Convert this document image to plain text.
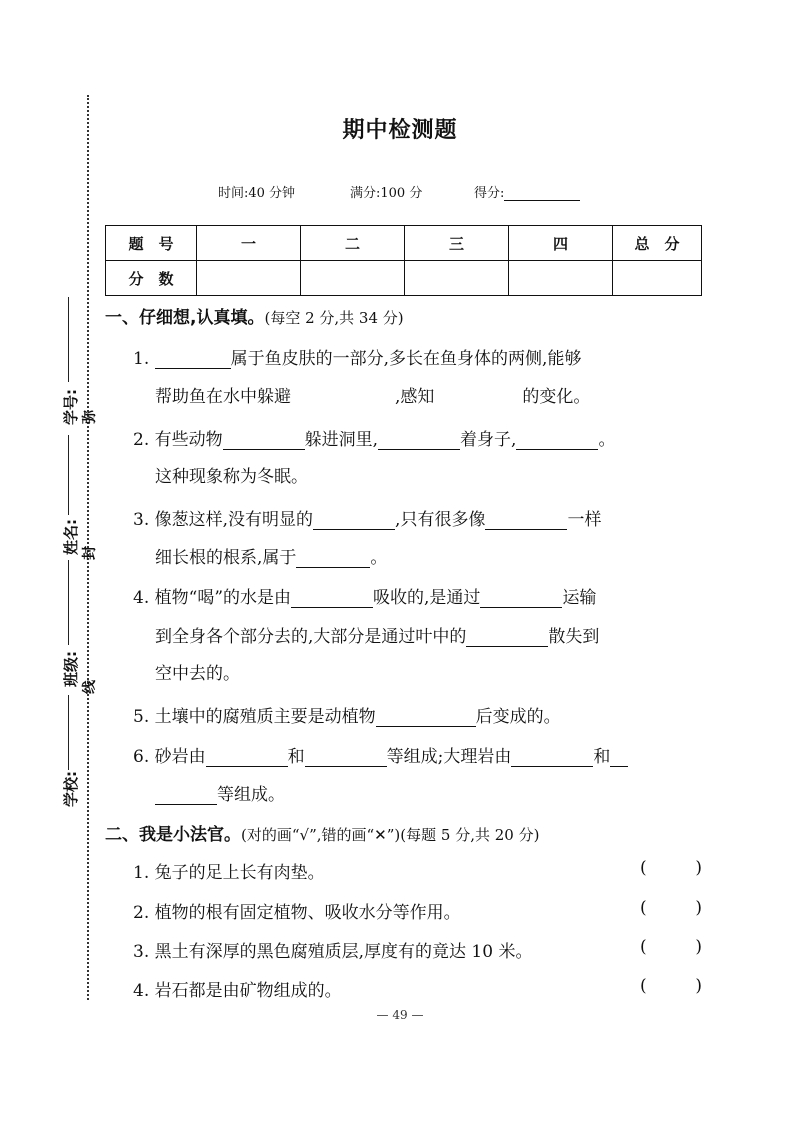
学校:
班级:
姓名:
学号: 弥
封
线
期中检测题
时间:40 分钟	满分:100 分	得分:
题　号	一	二	三	四	总　分
分　数					
一、仔细想,认真填。(每空 2 分,共 34 分)
1.	属于鱼皮肤的一部分,多长在鱼身体的两侧,能够
帮助鱼在水中躲避	,感知	的变化。
2. 有些动物	躲进洞里,	着身子,	。
这种现象称为冬眠。
3. 像葱这样,没有明显的	,只有很多像	一样
细长根的根系,属于	。
4. 植物“喝”的水是由	吸收的,是通过	运输
到全身各个部分去的,大部分是通过叶中的	散失到
空中去的。
5. 土壤中的腐殖质主要是动植物	后变成的。
6. 砂岩由	和	等组成;大理岩由	和
等组成。
二、我是小法官。(对的画“√”,错的画“✕”)(每题 5 分,共 20 分)
1. 兔子的足上长有肉垫。	(	)
2. 植物的根有固定植物、吸收水分等作用。	(	)
3. 黑土有深厚的黑色腐殖质层,厚度有的竟达 10 米。	(	)
4. 岩石都是由矿物组成的。	(	)
— 49 —
